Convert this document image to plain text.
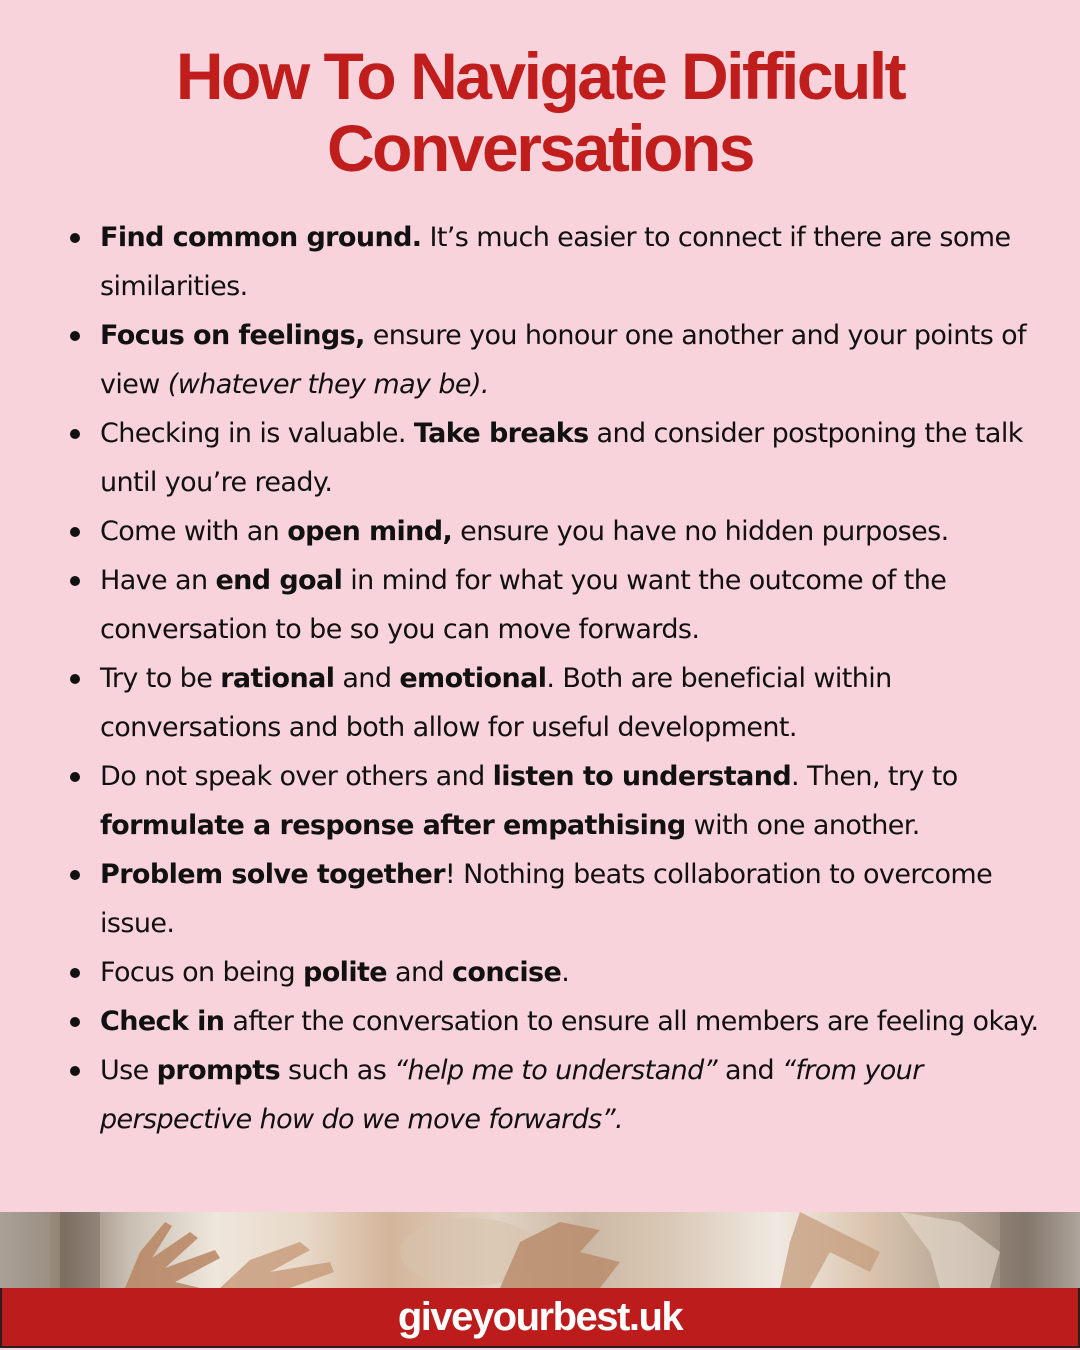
How To Navigate Difficult
Conversations
Find common ground. It’s much easier to connect if there are some similarities.
Focus on feelings, ensure you honour one another and your points of view (whatever they may be).
Checking in is valuable. Take breaks and consider postponing the talk until you’re ready.
Come with an open mind, ensure you have no hidden purposes.
Have an end goal in mind for what you want the outcome of the conversation to be so you can move forwards.
Try to be rational and emotional. Both are beneficial within conversations and both allow for useful development.
Do not speak over others and listen to understand. Then, try to formulate a response after empathising with one another.
Problem solve together! Nothing beats collaboration to overcome issue.
Focus on being polite and concise.
Check in after the conversation to ensure all members are feeling okay.
Use prompts such as “help me to understand” and “from your perspective how do we move forwards”.
giveyourbest.uk
